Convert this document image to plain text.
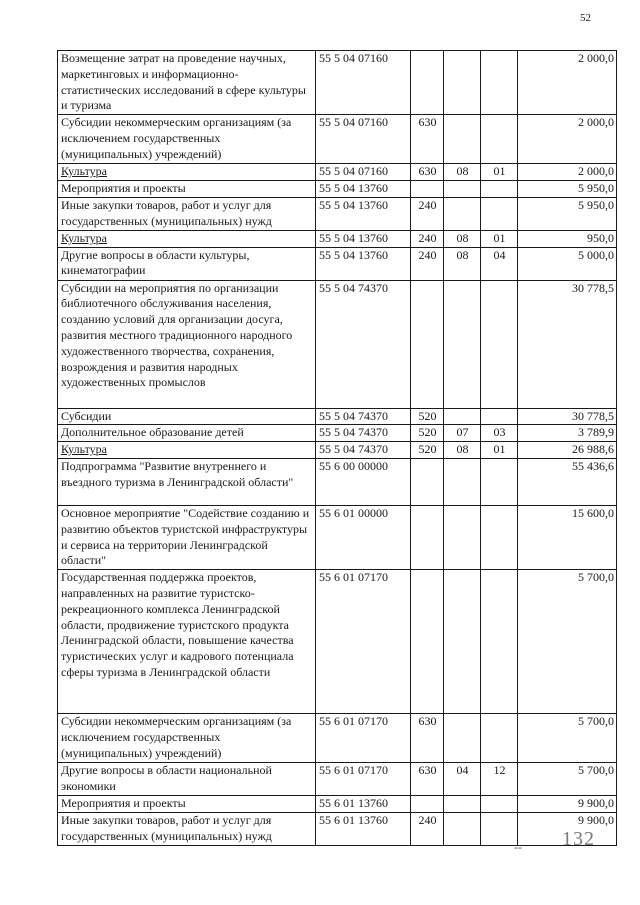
52
Возмещение затрат на проведение научных, маркетинговых и информационно-статистических исследований в сфере культуры и туризма	55 5 04 07160				2 000,0
Субсидии некоммерческим организациям (за исключением государственных (муниципальных) учреждений)	55 5 04 07160	630			2 000,0
Культура	55 5 04 07160	630	08	01	2 000,0
Мероприятия и проекты	55 5 04 13760				5 950,0
Иные закупки товаров, работ и услуг для государственных (муниципальных) нужд	55 5 04 13760	240			5 950,0
Культура	55 5 04 13760	240	08	01	950,0
Другие вопросы в области культуры, кинематографии	55 5 04 13760	240	08	04	5 000,0
Субсидии на мероприятия по организации библиотечного обслуживания населения, созданию условий для организации досуга, развития местного традиционного народного художественного творчества, сохранения, возрождения и развития народных художественных промыслов	55 5 04 74370				30 778,5
Субсидии	55 5 04 74370	520			30 778,5
Дополнительное образование детей	55 5 04 74370	520	07	03	3 789,9
Культура	55 5 04 74370	520	08	01	26 988,6
Подпрограмма "Развитие внутреннего и въездного туризма в Ленинградской области"	55 6 00 00000				55 436,6
Основное мероприятие "Содействие созданию и развитию объектов туристской инфраструктуры и сервиса на территории Ленинградской области"	55 6 01 00000				15 600,0
Государственная поддержка проектов, направленных на развитие туристско-рекреационного комплекса Ленинградской области, продвижение туристского продукта Ленинградской области, повышение качества туристических услуг и кадрового потенциала сферы туризма в Ленинградской области	55 6 01 07170				5 700,0
Субсидии некоммерческим организациям (за исключением государственных (муниципальных) учреждений)	55 6 01 07170	630			5 700,0
Другие вопросы в области национальной экономики	55 6 01 07170	630	04	12	5 700,0
Мероприятия и проекты	55 6 01 13760				9 900,0
Иные закупки товаров, работ и услуг для государственных (муниципальных) нужд	55 6 01 13760	240			9 900,0
-- 132
